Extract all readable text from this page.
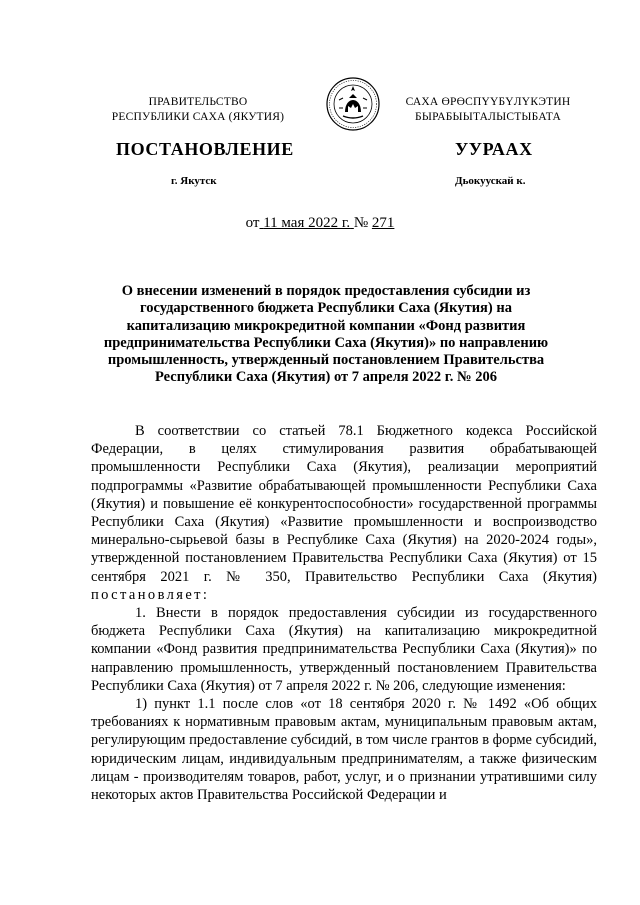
ПРАВИТЕЛЬСТВО
РЕСПУБЛИКИ САХА (ЯКУТИЯ)
САХА ӨРӨСПҮҮБҮЛҮКЭТИН
БЫРАБЫЫТАЛЫСТЫБАТА
ПОСТАНОВЛЕНИЕ	УУРААХ
г. Якутск	Дьокуускай к.
от 11 мая 2022 г. № 271
О внесении изменений в порядок предоставления субсидии из государственного бюджета Республики Саха (Якутия) на капитализацию микрокредитной компании «Фонд развития предпринимательства Республики Саха (Якутия)» по направлению промышленность, утвержденный постановлением Правительства Республики Саха (Якутия) от 7 апреля 2022 г. № 206

В соответствии со статьей 78.1 Бюджетного кодекса Российской Федерации, в целях стимулирования развития обрабатывающей промышленности Республики Саха (Якутия), реализации мероприятий подпрограммы «Развитие обрабатывающей промышленности Республики Саха (Якутия) и повышение её конкурентоспособности» государственной программы Республики Саха (Якутия) «Развитие промышленности и воспроизводство минерально-сырьевой базы в Республике Саха (Якутия) на 2020-2024 годы», утвержденной постановлением Правительства Республики Саха (Якутия) от 15 сентября 2021 г. № 350, Правительство Республики Саха (Якутия) постановляет:

1. Внести в порядок предоставления субсидии из государственного бюджета Республики Саха (Якутия) на капитализацию микрокредитной компании «Фонд развития предпринимательства Республики Саха (Якутия)» по направлению промышленность, утвержденный постановлением Правительства Республики Саха (Якутия) от 7 апреля 2022 г. № 206, следующие изменения:

1) пункт 1.1 после слов «от 18 сентября 2020 г. № 1492 «Об общих требованиях к нормативным правовым актам, муниципальным правовым актам, регулирующим предоставление субсидий, в том числе грантов в форме субсидий, юридическим лицам, индивидуальным предпринимателям, а также физическим лицам - производителям товаров, работ, услуг, и о признании утратившими силу некоторых актов Правительства Российской Федерации и
